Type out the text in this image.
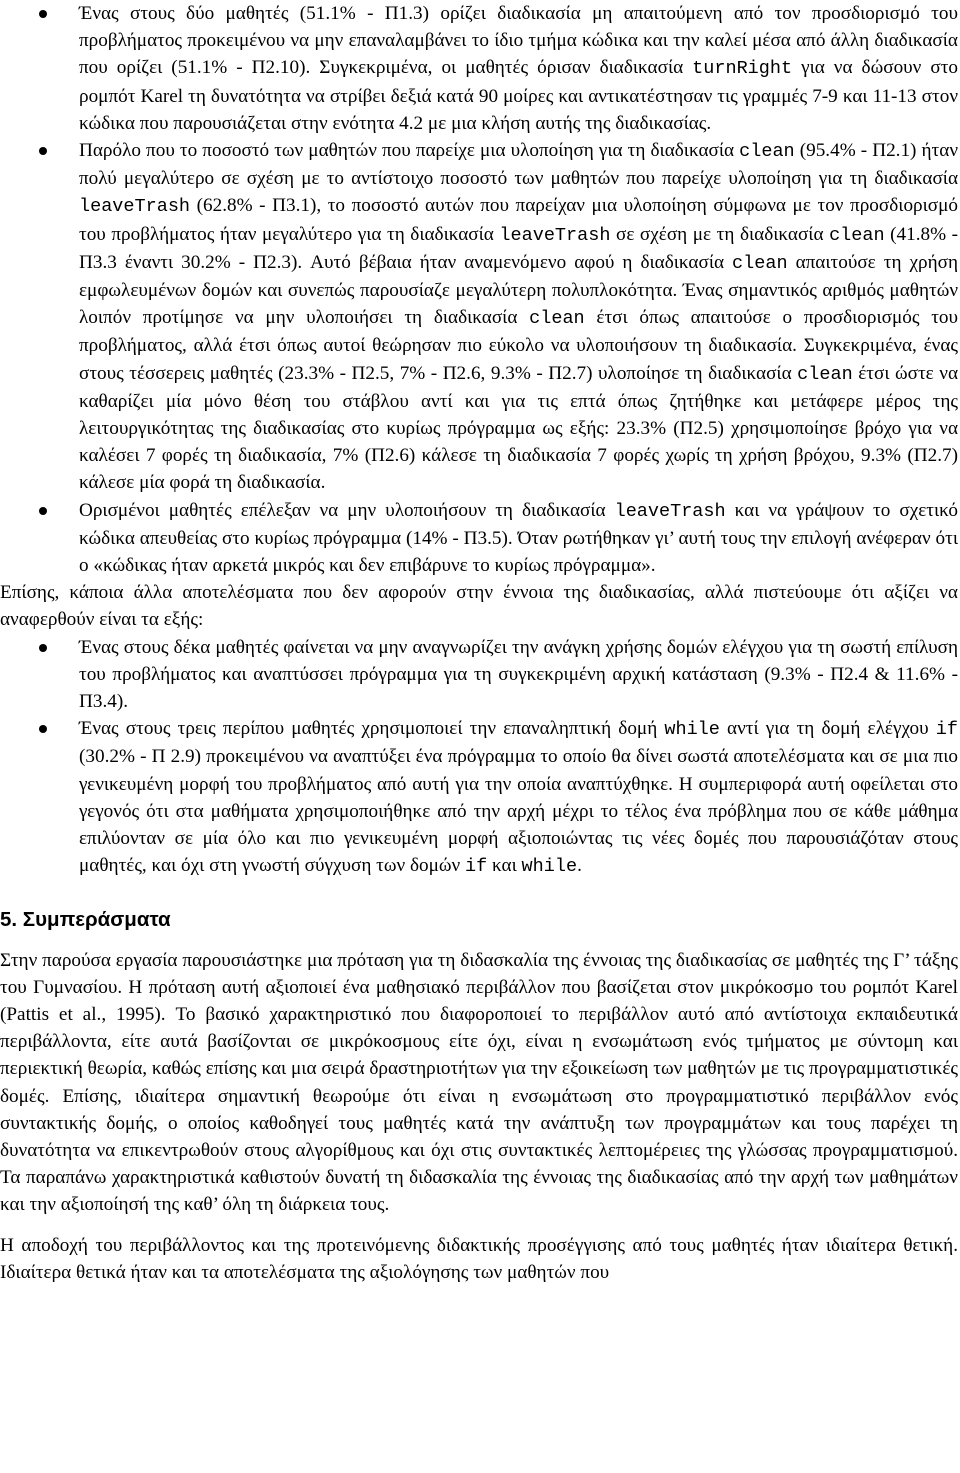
Ένας στους δύο μαθητές (51.1% - Π1.3) ορίζει διαδικασία μη απαιτούμενη από τον προσδιορισμό του προβλήματος προκειμένου να μην επαναλαμβάνει το ίδιο τμήμα κώδικα και την καλεί μέσα από άλλη διαδικασία που ορίζει (51.1% - Π2.10). Συγκεκριμένα, οι μαθητές όρισαν διαδικασία turnRight για να δώσουν στο ρομπότ Karel τη δυνατότητα να στρίβει δεξιά κατά 90 μοίρες και αντικατέστησαν τις γραμμές 7-9 και 11-13 στον κώδικα που παρουσιάζεται στην ενότητα 4.2 με μια κλήση αυτής της διαδικασίας.
Παρόλο που το ποσοστό των μαθητών που παρείχε μια υλοποίηση για τη διαδικασία clean (95.4% - Π2.1) ήταν πολύ μεγαλύτερο σε σχέση με το αντίστοιχο ποσοστό των μαθητών που παρείχε υλοποίηση για τη διαδικασία leaveTrash (62.8% - Π3.1), το ποσοστό αυτών που παρείχαν μια υλοποίηση σύμφωνα με τον προσδιορισμό του προβλήματος ήταν μεγαλύτερο για τη διαδικασία leaveTrash σε σχέση με τη διαδικασία clean (41.8% - Π3.3 έναντι 30.2% - Π2.3). Αυτό βέβαια ήταν αναμενόμενο αφού η διαδικασία clean απαιτούσε τη χρήση εμφωλευμένων δομών και συνεπώς παρουσίαζε μεγαλύτερη πολυπλοκότητα. Ένας σημαντικός αριθμός μαθητών λοιπόν προτίμησε να μην υλοποιήσει τη διαδικασία clean έτσι όπως απαιτούσε ο προσδιορισμός του προβλήματος, αλλά έτσι όπως αυτοί θεώρησαν πιο εύκολο να υλοποιήσουν τη διαδικασία. Συγκεκριμένα, ένας στους τέσσερεις μαθητές (23.3% - Π2.5, 7% - Π2.6, 9.3% - Π2.7) υλοποίησε τη διαδικασία clean έτσι ώστε να καθαρίζει μία μόνο θέση του στάβλου αντί και για τις επτά όπως ζητήθηκε και μετάφερε μέρος της λειτουργικότητας της διαδικασίας στο κυρίως πρόγραμμα ως εξής: 23.3% (Π2.5) χρησιμοποίησε βρόχο για να καλέσει 7 φορές τη διαδικασία, 7% (Π2.6) κάλεσε τη διαδικασία 7 φορές χωρίς τη χρήση βρόχου, 9.3% (Π2.7) κάλεσε μία φορά τη διαδικασία.
Ορισμένοι μαθητές επέλεξαν να μην υλοποιήσουν τη διαδικασία leaveTrash και να γράψουν το σχετικό κώδικα απευθείας στο κυρίως πρόγραμμα (14% - Π3.5). Όταν ρωτήθηκαν γι’ αυτή τους την επιλογή ανέφεραν ότι ο «κώδικας ήταν αρκετά μικρός και δεν επιβάρυνε το κυρίως πρόγραμμα».

Επίσης, κάποια άλλα αποτελέσματα που δεν αφορούν στην έννοια της διαδικασίας, αλλά πιστεύουμε ότι αξίζει να αναφερθούν είναι τα εξής:

Ένας στους δέκα μαθητές φαίνεται να μην αναγνωρίζει την ανάγκη χρήσης δομών ελέγχου για τη σωστή επίλυση του προβλήματος και αναπτύσσει πρόγραμμα για τη συγκεκριμένη αρχική κατάσταση (9.3% - Π2.4 & 11.6% - Π3.4).
Ένας στους τρεις περίπου μαθητές χρησιμοποιεί την επαναληπτική δομή while αντί για τη δομή ελέγχου if (30.2% - Π 2.9) προκειμένου να αναπτύξει ένα πρόγραμμα το οποίο θα δίνει σωστά αποτελέσματα και σε μια πιο γενικευμένη μορφή του προβλήματος από αυτή για την οποία αναπτύχθηκε. Η συμπεριφορά αυτή οφείλεται στο γεγονός ότι στα μαθήματα χρησιμοποιήθηκε από την αρχή μέχρι το τέλος ένα πρόβλημα που σε κάθε μάθημα επιλύονταν σε μία όλο και πιο γενικευμένη μορφή αξιοποιώντας τις νέες δομές που παρουσιάζόταν στους μαθητές, και όχι στη γνωστή σύγχυση των δομών if και while.
5. Συμπεράσματα

Στην παρούσα εργασία παρουσιάστηκε μια πρόταση για τη διδασκαλία της έννοιας της διαδικασίας σε μαθητές της Γ’ τάξης του Γυμνασίου. Η πρόταση αυτή αξιοποιεί ένα μαθησιακό περιβάλλον που βασίζεται στον μικρόκοσμο του ρομπότ Karel (Pattis et al., 1995). Το βασικό χαρακτηριστικό που διαφοροποιεί το περιβάλλον αυτό από αντίστοιχα εκπαιδευτικά περιβάλλοντα, είτε αυτά βασίζονται σε μικρόκοσμους είτε όχι, είναι η ενσωμάτωση ενός τμήματος με σύντομη και περιεκτική θεωρία, καθώς επίσης και μια σειρά δραστηριοτήτων για την εξοικείωση των μαθητών με τις προγραμματιστικές δομές. Επίσης, ιδιαίτερα σημαντική θεωρούμε ότι είναι η ενσωμάτωση στο προγραμματιστικό περιβάλλον ενός συντακτικής δομής, ο οποίος καθοδηγεί τους μαθητές κατά την ανάπτυξη των προγραμμάτων και τους παρέχει τη δυνατότητα να επικεντρωθούν στους αλγορίθμους και όχι στις συντακτικές λεπτομέρειες της γλώσσας προγραμματισμού. Τα παραπάνω χαρακτηριστικά καθιστούν δυνατή τη διδασκαλία της έννοιας της διαδικασίας από την αρχή των μαθημάτων και την αξιοποίησή της καθ’ όλη τη διάρκεια τους.

Η αποδοχή του περιβάλλοντος και της προτεινόμενης διδακτικής προσέγγισης από τους μαθητές ήταν ιδιαίτερα θετική. Ιδιαίτερα θετικά ήταν και τα αποτελέσματα της αξιολόγησης των μαθητών που
